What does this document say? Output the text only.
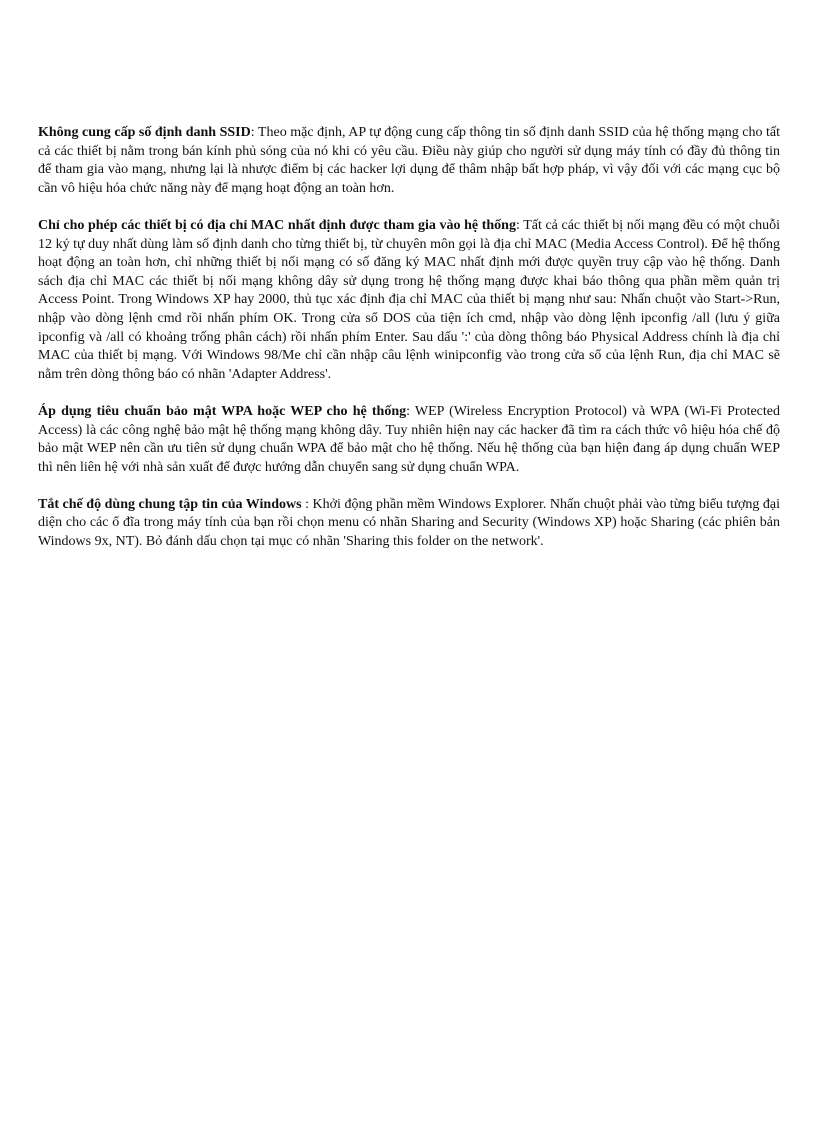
Không cung cấp số định danh SSID: Theo mặc định, AP tự động cung cấp thông tin số định danh SSID của hệ thống mạng cho tất cả các thiết bị nằm trong bán kính phủ sóng của nó khi có yêu cầu. Điều này giúp cho người sử dụng máy tính có đầy đủ thông tin để tham gia vào mạng, nhưng lại là nhược điểm bị các hacker lợi dụng để thâm nhập bất hợp pháp, vì vậy đối với các mạng cục bộ cần vô hiệu hóa chức năng này để mạng hoạt động an toàn hơn.

Chỉ cho phép các thiết bị có địa chỉ MAC nhất định được tham gia vào hệ thống: Tất cả các thiết bị nối mạng đều có một chuỗi 12 ký tự duy nhất dùng làm số định danh cho từng thiết bị, từ chuyên môn gọi là địa chỉ MAC (Media Access Control). Để hệ thống hoạt động an toàn hơn, chỉ những thiết bị nối mạng có số đăng ký MAC nhất định mới được quyền truy cập vào hệ thống. Danh sách địa chỉ MAC các thiết bị nối mạng không dây sử dụng trong hệ thống mạng được khai báo thông qua phần mềm quản trị Access Point. Trong Windows XP hay 2000, thủ tục xác định địa chỉ MAC của thiết bị mạng như sau: Nhấn chuột vào Start->Run, nhập vào dòng lệnh cmd rồi nhấn phím OK. Trong cửa sổ DOS của tiện ích cmd, nhập vào dòng lệnh ipconfig /all (lưu ý giữa ipconfig và /all có khoảng trống phân cách) rồi nhấn phím Enter. Sau dấu ':' của dòng thông báo Physical Address chính là địa chỉ MAC của thiết bị mạng. Với Windows 98/Me chỉ cần nhập câu lệnh winipconfig vào trong cửa sổ của lệnh Run, địa chỉ MAC sẽ nằm trên dòng thông báo có nhãn 'Adapter Address'.

Áp dụng tiêu chuẩn bảo mật WPA hoặc WEP cho hệ thống: WEP (Wireless Encryption Protocol) và WPA (Wi-Fi Protected Access) là các công nghệ bảo mật hệ thống mạng không dây. Tuy nhiên hiện nay các hacker đã tìm ra cách thức vô hiệu hóa chế độ bảo mật WEP nên cần ưu tiên sử dụng chuẩn WPA để bảo mật cho hệ thống. Nếu hệ thống của bạn hiện đang áp dụng chuẩn WEP thì nên liên hệ với nhà sản xuất để được hướng dẫn chuyển sang sử dụng chuẩn WPA.

Tắt chế độ dùng chung tập tin của Windows : Khởi động phần mềm Windows Explorer. Nhấn chuột phải vào từng biểu tượng đại diện cho các ổ đĩa trong máy tính của bạn rồi chọn menu có nhãn Sharing and Security (Windows XP) hoặc Sharing (các phiên bản Windows 9x, NT). Bỏ đánh dấu chọn tại mục có nhãn 'Sharing this folder on the network'.
